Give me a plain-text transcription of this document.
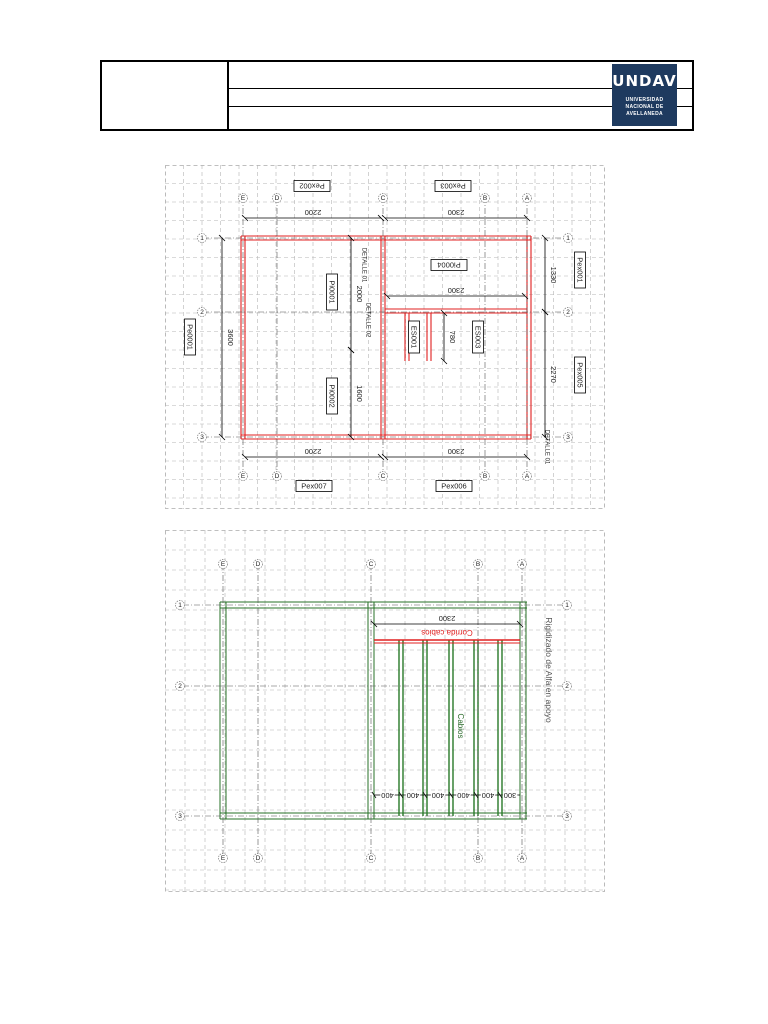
UNDAV
UNIVERSIDAD
NACIONAL DE
AVELLANEDA
E
E
D
D
C
C
B
B
A
A
1	1
2	2
3	3
2200	2300
2200	2300
2300
3600
2000
1600
780
1330
2270
DETALLE 01
DETALLE 02
DETALLE 01
Pex002	Pex003
Pex001
Pex005
Pex007	Pex006
Pe0001
Pi0001
Pi0002
Pi0004
ES001	ES003
E
E
D
D
C
C
B
B
A
A
1	1
2	2
3	3
2300
400 400 400 400 400 300
Corrida cabios
Cabios
Rigidizado de Alfa en apoyo
